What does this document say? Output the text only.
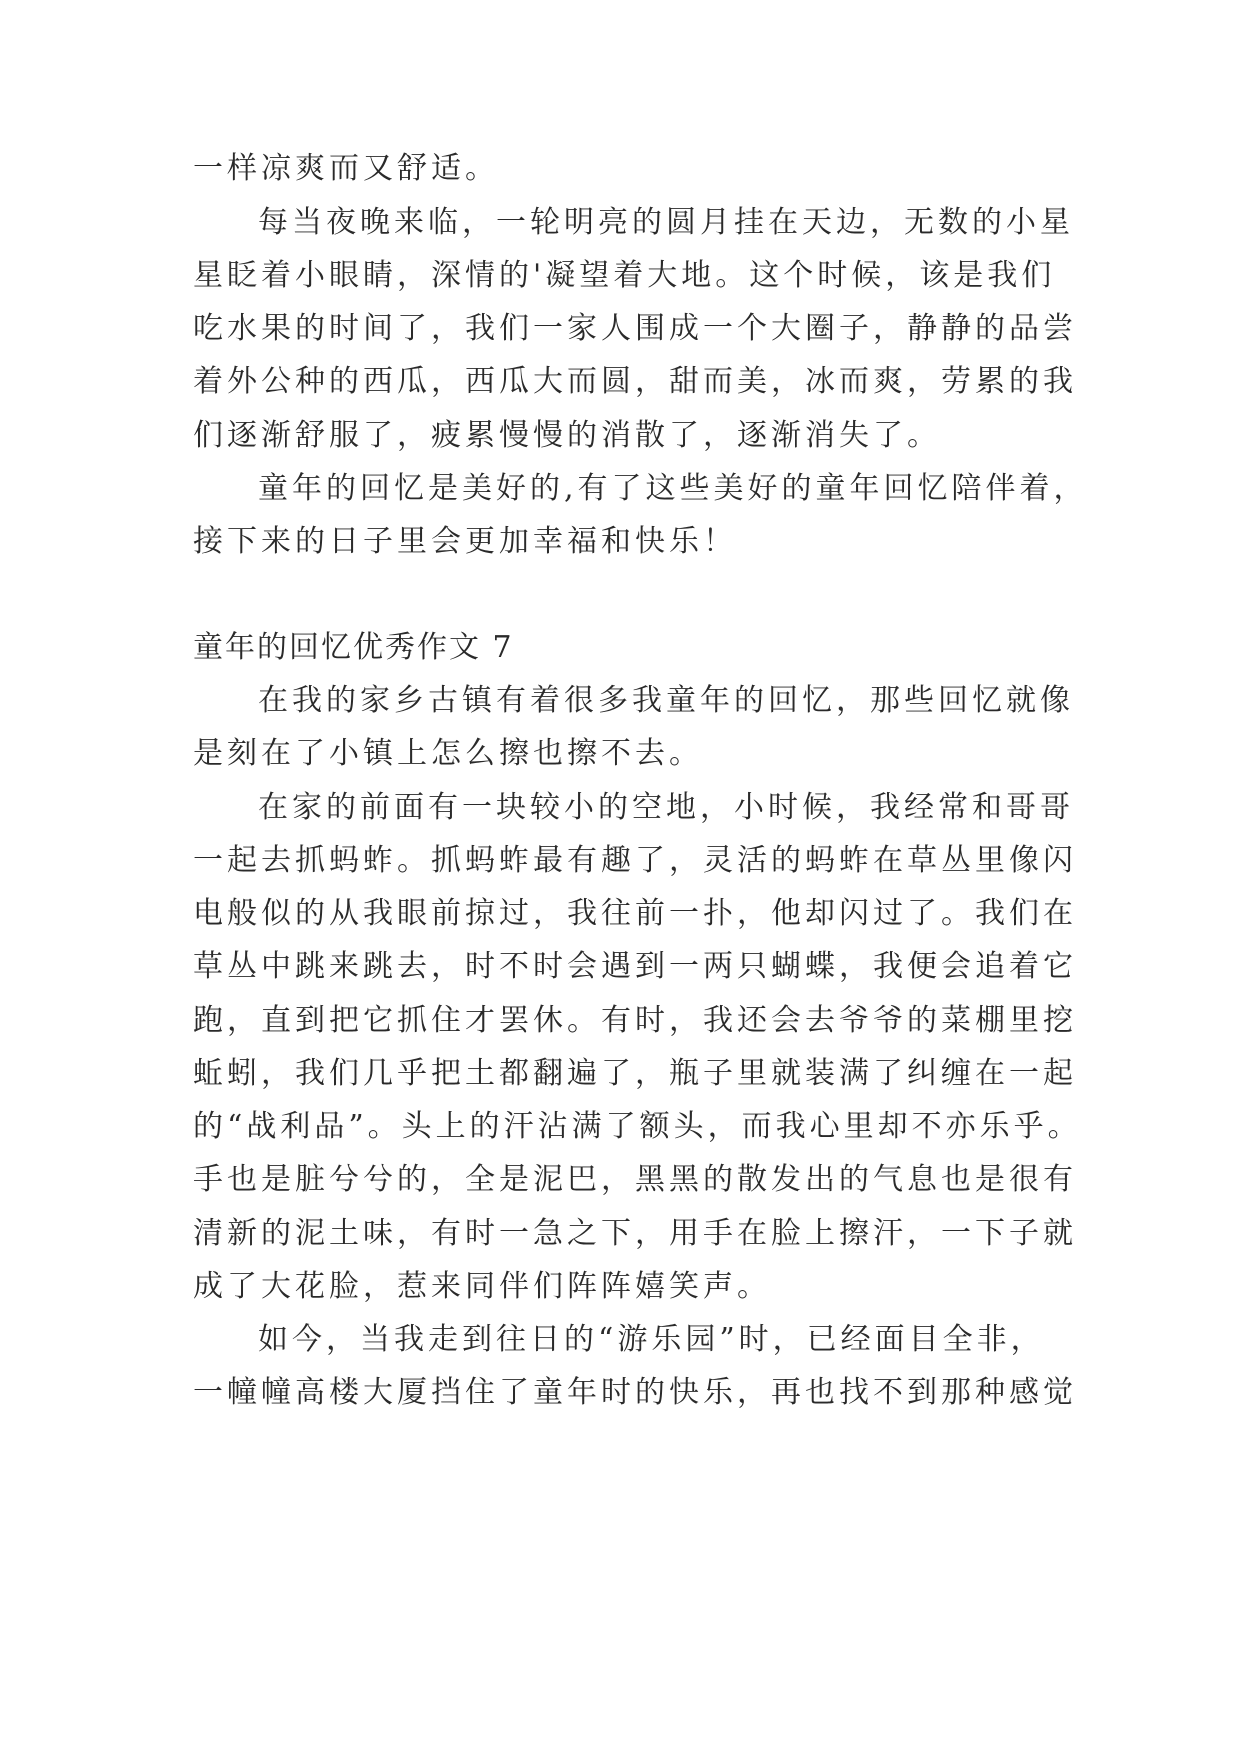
一样凉爽而又舒适。
每当夜晚来临，一轮明亮的圆月挂在天边，无数的小星
星眨着小眼睛，深情的'凝望着大地。这个时候，该是我们
吃水果的时间了，我们一家人围成一个大圈子，静静的品尝
着外公种的西瓜，西瓜大而圆，甜而美，冰而爽，劳累的我
们逐渐舒服了，疲累慢慢的消散了，逐渐消失了。
童年的回忆是美好的,有了这些美好的童年回忆陪伴着，
接下来的日子里会更加幸福和快乐！
童年的回忆优秀作文 7
在我的家乡古镇有着很多我童年的回忆，那些回忆就像
是刻在了小镇上怎么擦也擦不去。
在家的前面有一块较小的空地，小时候，我经常和哥哥
一起去抓蚂蚱。抓蚂蚱最有趣了，灵活的蚂蚱在草丛里像闪
电般似的从我眼前掠过，我往前一扑，他却闪过了。我们在
草丛中跳来跳去，时不时会遇到一两只蝴蝶，我便会追着它
跑，直到把它抓住才罢休。有时，我还会去爷爷的菜棚里挖
蚯蚓，我们几乎把土都翻遍了，瓶子里就装满了纠缠在一起
的“战利品”。头上的汗沾满了额头，而我心里却不亦乐乎。
手也是脏兮兮的，全是泥巴，黑黑的散发出的气息也是很有
清新的泥土味，有时一急之下，用手在脸上擦汗，一下子就
成了大花脸，惹来同伴们阵阵嬉笑声。
如今，当我走到往日的“游乐园”时，已经面目全非，
一幢幢高楼大厦挡住了童年时的快乐，再也找不到那种感觉
